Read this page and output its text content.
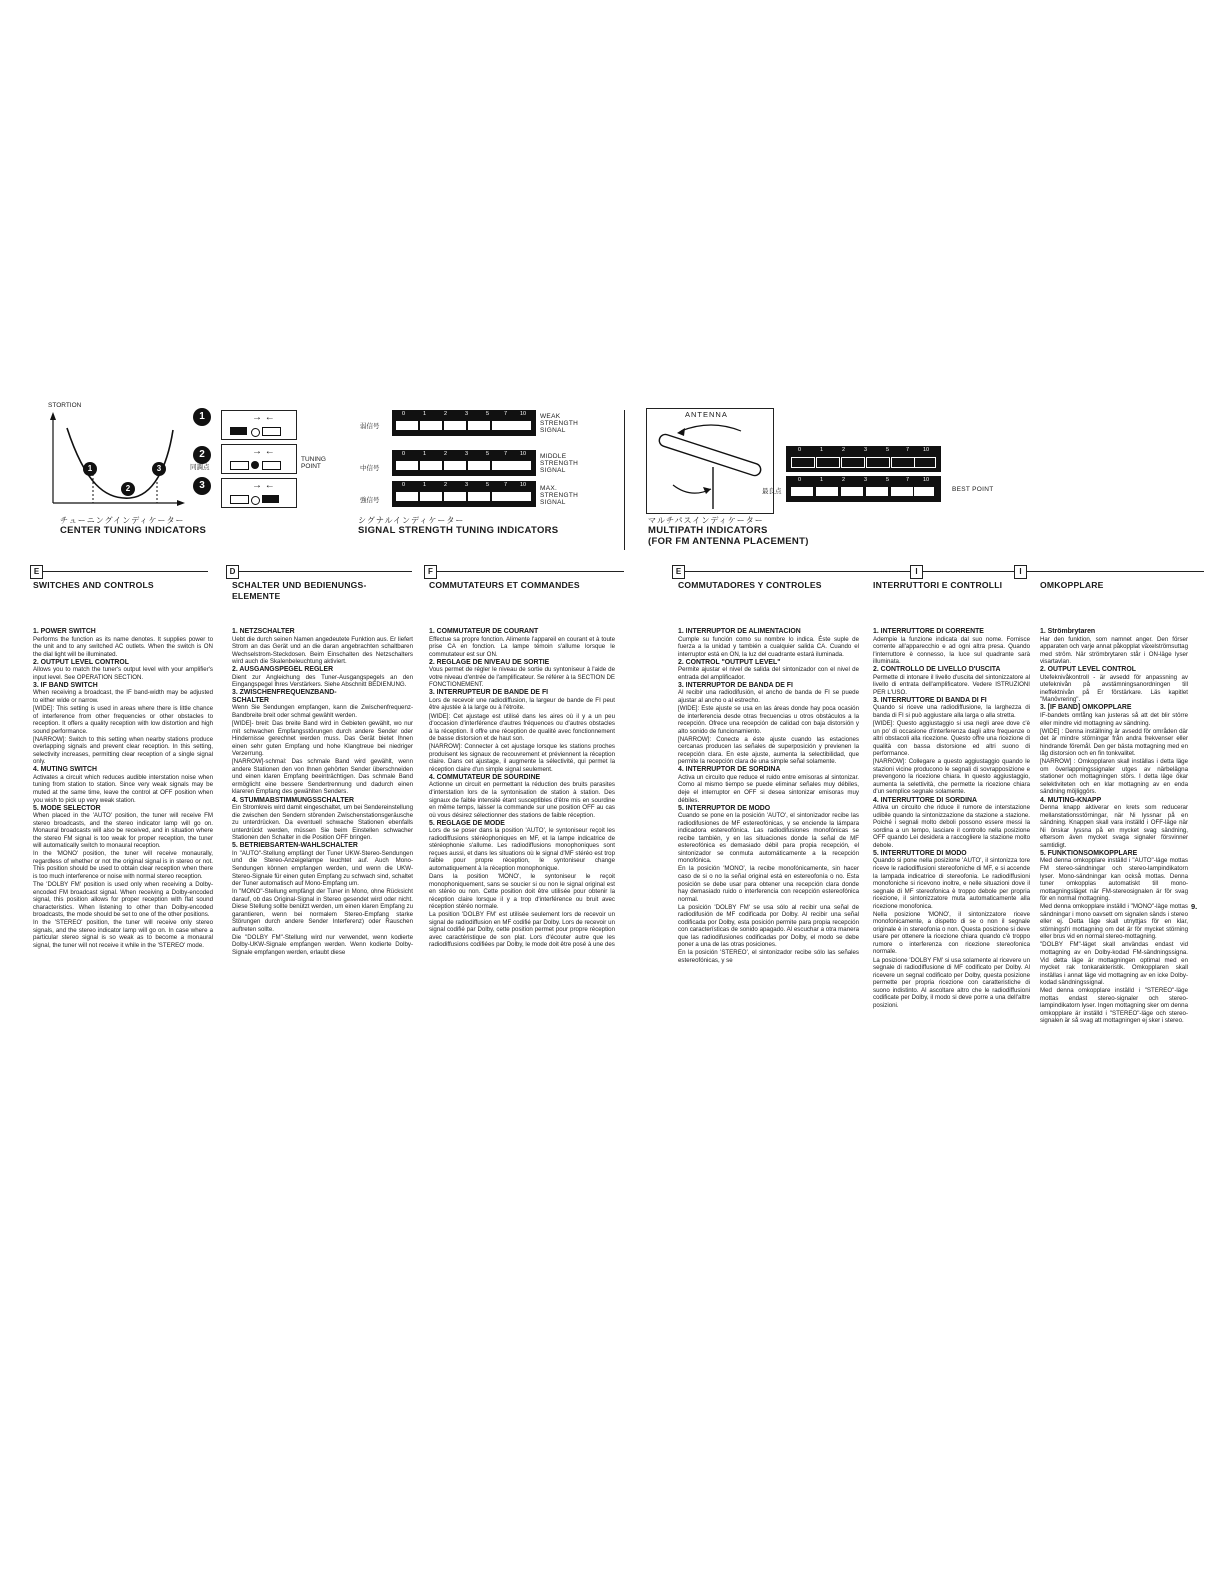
STORTION
1
2
3
1
2
3
同調点
→ ←
→ ←
TUNING
POINT
→ ←
チューニングインディケーター
CENTER TUNING INDICATORS
弱信号
0	1	2	3	5	7 10 WEAK
STRENGTH
SIGNAL
中信号
0	1	2	3	5	7 10 MIDDLE
STRENGTH
SIGNAL
強信号
0	1	2	3	5	7 10 MAX.
STRENGTH
SIGNAL
シグナルインディケーター
SIGNAL STRENGTH TUNING INDICATORS
ANTENNA
0	1	2	3	5	7	10
最良点
0	1	2	3	5	7	10
BEST POINT
マルチパスインディケーター
MULTIPATH INDICATORS
(FOR FM ANTENNA PLACEMENT)
E	D	F	E	I	I
SWITCHES AND CONTROLS	SCHALTER UND BEDIENUNGS-
ELEMENTE
COMMUTATEURS ET COMMANDES	COMMUTADORES Y CONTROLES	INTERRUTTORI E CONTROLLI	OMKOPPLARE

1. POWER SWITCH

Performs the function as its name denotes. It supplies power to the unit and to any switched AC outlets. When the switch is ON the dial light will be illuminated.

2. OUTPUT LEVEL CONTROL

Allows you to match the tuner's output level with your amplifier's input level. See OPERATION SECTION.

3. IF BAND SWITCH

When receiving a broadcast, the IF band-width may be adjusted to either wide or narrow.

[WIDE]: This setting is used in areas where there is little chance of interference from other frequencies or other obstacles to reception. It offers a quality reception with low distortion and high sound performance.

[NARROW]: Switch to this setting when nearby stations produce overlapping signals and prevent clear reception. In this setting, selectivity increases, permitting clear reception of a single signal only.

4. MUTING SWITCH

Activates a circuit which reduces audible interstation noise when tuning from station to station. Since very weak signals may be muted at the same time, leave the control at OFF position when you wish to pick up very weak station.

5. MODE SELECTOR

When placed in the 'AUTO' position, the tuner will receive FM stereo broadcasts, and the stereo indicator lamp will go on. Monaural broadcasts will also be received, and in situation where the stereo FM signal is too weak for proper reception, the tuner will automatically switch to monaural reception.

In the 'MONO' position, the tuner will receive monaurally, regardless of whether or not the original signal is in stereo or not. This position should be used to obtain clear reception when there is too much interference or noise with normal stereo reception.

The 'DOLBY FM' position is used only when receiving a Dolby-encoded FM broadcast signal. When receiving a Dolby-encoded signal, this position allows for proper reception with flat sound characteristics. When listening to other than Dolby-encoded broadcasts, the mode should be set to one of the other positions.

In the 'STEREO' position, the tuner will receive only stereo signals, and the stereo indicator lamp will go on. In case where a particular stereo signal is so weak as to become a monaural signal, the tuner will not receive it while in the 'STEREO' mode.

1. NETZSCHALTER

Uebt die durch seinen Namen angedeutete Funktion aus. Er liefert Strom an das Gerät und an die daran angebrachten schaltbaren Wechselstrom-Steckdosen. Beim Einschalten des Netzschalters wird auch die Skalenbeleuchtung aktiviert.

2. AUSGANGSPEGEL REGLER

Dient zur Angleichung des Tuner-Ausgangspegels an den Eingangspegel Ihres Verstärkers. Siehe Abschnitt BEDIENUNG.

3. ZWISCHENFREQUENZBAND-
SCHALTER

Wenn Sie Sendungen empfangen, kann die Zwischenfrequenz-Bandbreite breit oder schmal gewählt werden.

[WIDE]- breit: Das breite Band wird in Gebieten gewählt, wo nur mit schwachen Empfangsstörungen durch andere Sender oder Hindernisse gerechnet werden muss. Das Gerät bietet Ihnen einen sehr guten Empfang und hohe Klangtreue bei niedriger Verzerrung.

[NARROW]-schmal: Das schmale Band wird gewählt, wenn andere Stationen den von Ihnen gehörten Sender überschneiden und einen klaren Empfang beeinträchtigen. Das schmale Band ermöglicht eine bessere Sendertrennung und dadurch einen klareren Empfang des gewählten Senders.

4. STUMMABSTIMMUNGSSCHALTER

Ein Stromkreis wird damit eingeschaltet, um bei Sendereinstellung die zwischen den Sendern störenden Zwischenstationsgeräusche zu unterdrücken. Da eventuell schwache Stationen ebenfalls unterdrückt werden, müssen Sie beim Einstellen schwacher Stationen den Schalter in die Position OFF bringen.

5. BETRIEBSARTEN-WAHLSCHALTER

In "AUTO"-Stellung empfängt der Tuner UKW-Stereo-Sendungen und die Stereo-Anzeigelampe leuchtet auf. Auch Mono-Sendungen können empfangen werden, und wenn die UKW-Stereo-Signale für einen guten Empfang zu schwach sind, schaltet der Tuner automatisch auf Mono-Empfang um.

In "MONO"-Stellung empfängt der Tuner in Mono, ohne Rücksicht darauf, ob das Original-Signal in Stereo gesendet wird oder nicht. Diese Stellung sollte benützt werden, um einen klaren Empfang zu garantieren, wenn bei normalem Stereo-Empfang starke Störungen durch andere Sender Interferenz) oder Rauschen auftreten sollte.

Die "DOLBY FM"-Stellung wird nur verwendet, wenn kodierte Dolby-UKW-Signale empfangen werden. Wenn kodierte Dolby-Signale empfangen werden, erlaubt diese

1. COMMUTATEUR DE COURANT

Effectue sa propre fonction. Alimente l'appareil en courant et à toute prise CA en fonction. La lampe témoin s'allume lorsque le commutateur est sur ON.

2. REGLAGE DE NIVEAU DE SORTIE

Vous permet de régler le niveau de sortie du syntoniseur à l'aide de votre niveau d'entrée de l'amplificateur. Se référer à la SECTION DE FONCTIONEMENT.

3. INTERRUPTEUR DE BANDE DE FI

Lors de recevoir une radiodiffusion, la largeur de bande de FI peut être ajustée à la large ou à l'étroite.

[WIDE]: Cet ajustage est utilisé dans les aires où il y a un peu d'occasion d'interférence d'autres fréquences ou d'autres obstacles à la réception. Il offre une réception de qualité avec fonctionnement de basse distorsion et de haut son.

[NARROW]: Connecter à cet ajustage lorsque les stations proches produisent les signaux de recouvrement et préviennent la réception claire. Dans cet ajustage, il augmente la sélectivité, qui permet la réception claire d'un simple signal seulement.

4. COMMUTATEUR DE SOURDINE

Actionne un circuit en permettant la réduction des bruits parasites d'interstation lors de la syntonisation de station à station. Des signaux de faible intensité étant susceptibles d'être mis en sourdine en même temps, laisser la commande sur une position OFF au cas où vous désirez sélectionner des stations de faible réception.

5. REGLAGE DE MODE

Lors de se poser dans la position 'AUTO', le syntoniseur reçoit les radiodiffusions stéréophoniques en MF, et la lampe indicatrice de stéréophonie s'allume. Les radiodiffusions monophoniques sont reçues aussi, et dans les situations où le signal d'MF stéréo est trop faible pour propre réception, le syntoniseur change automatiquement à la réception monophonique.

Dans la position 'MONO', le syntoniseur le reçoit monophoniquement, sans se soucier si ou non le signal original est en stéréo ou non. Cette position doit être utilisée pour obtenir la réception claire lorsque il y a trop d'interférence ou bruit avec réception stéréo normale.

La position 'DOLBY FM' est utilisée seulement lors de recevoir un signal de radiodiffusion en MF codifié par Dolby. Lors de recevoir un signal codifié par Dolby, cette position permet pour propre réception avec caractéristique de son plat. Lors d'écouter autre que les radiodiffusions codifiées par Dolby, le mode doit être posé à une des

1. INTERRUPTOR DE ALIMENTACION

Cumple su función como su nombre lo indica. Éste suple de fuerza a la unidad y también a cualquier salida CA. Cuando el interruptor está en ON, la luz del cuadrante estará iluminada.

2. CONTROL "OUTPUT LEVEL"

Permite ajustar el nivel de salida del sintonizador con el nivel de entrada del amplificador.

3. INTERRUPTOR DE BANDA DE FI

Al recibir una radiodifusión, el ancho de banda de FI se puede ajustar al ancho o al estrecho.

[WIDE]: Este ajuste se usa en las áreas donde hay poca ocasión de interferencia desde otras frecuencias u otros obstáculos a la recepción. Ofrece una recepción de calidad con baja distorsión y alto sonido de funcionamiento.

[NARROW]: Conecte a éste ajuste cuando las estaciones cercanas producen las señales de superposición y previenen la recepción clara. En este ajuste, aumenta la selectibilidad, que permite la recepción clara de una simple señal solamente.

4. INTERRUPTOR DE SORDINA

Activa un circuito que reduce el ruido entre emisoras al sintonizar. Como al mismo tiempo se puede eliminar señales muy débiles, deje el interruptor en OFF si desea sintonizar emisoras muy débiles.

5. INTERRUPTOR DE MODO

Cuando se pone en la posición 'AUTO', el sintonizador recibe las radiodifusiones de MF estereofónicas, y se enciende la lámpara indicadora estereofónica. Las radiodifusiones monofónicas se recibe también, y en las situaciones donde la señal de MF estereofónica es demasiado débil para propia recepción, el sintonizador se conmuta automáticamente a la recepción monofónica.

En la posición 'MONO', la recibe monofónicamente, sin hacer caso de si o no la señal original está en estereofonía o no. Esta posición se debe usar para obtener una recepción clara donde hay demasiado ruido o interferencia con recepción estereofónica normal.

La posición 'DOLBY FM' se usa sólo al recibir una señal de radiodifusión de MF codificada por Dolby. Al recibir una señal codificada por Dolby, esta posición permite para propia recepción con características de sonido apagado. Al escuchar a otra manera que las radiodifusiones codificadas por Dolby, el modo se debe poner a una de las otras posiciones.

En la posición 'STEREO', el sintonizador recibe sólo las señales estereofónicas, y se

1. INTERRUTTORE DI CORRENTE

Adempie la funzione indicata dal suo nome. Fornisce corrente all'apparecchio e ad ogni altra presa. Quando l'interruttore è connesso, la luce sul quadrante sarà illuminata.

2. CONTROLLO DE LIVELLO D'USCITA

Permette di intonare il livello d'uscita del sintonizzatore al livello di entrata dell'amplificatore. Vedere ISTRUZIONI PER L'USO.

3. INTERRUTTORE DI BANDA DI FI

Quando si riceve una radiodiffusione, la larghezza di banda di FI si può aggiustare alla larga o alla stretta.

[WIDE]: Questo aggiustaggio si usa negli aree dove c'è un po' di occasione d'interferenza dagli altre frequenze o altri obstacoli alla ricezione. Questo offre una ricezione di qualità con bassa distorsione ed altri suono di performance.

[NARROW]: Collegare a questo aggiustaggio quando le stazioni vicine producono le segnali di sovrapposizione e prevengono la ricezione chiara. In questo aggiustaggio, aumenta la selettività, che permette la ricezione chiara d'un semplice segnale solamente.

4. INTERRUTTORE DI SORDINA

Attiva un circuito che riduce il rumore de interstazione udibile quando la sintonizzazione da stazione a stazione. Poiché i segnali molto deboli possono essere messi la sordina a un tempo, lasciare il controllo nella posizione OFF quando Lei desidera a raccogliere la stazione molto debole.

5. INTERRUTTORE DI MODO

Quando si pone nella posizione 'AUTO', il sintonizza tore riceve le radiodiffusioni stereofoniche di MF, e si accende la lampada indicatrice di stereofonia. Le radiodiffusioni monofoniche si ricevono inoltre, e nelle situazioni dove il segnale di MF stereofonica è troppo debole per propria ricezione, il sintonizzatore muta automaticamente alla ricezione monofonica.

Nella posizione 'MONO', il sintonizzatore riceve monofonicamente, a dispetto di se o non il segnale originale è in stereofonia o non. Questa posizione si deve usare per ottenere la ricezione chiara quando c'è troppo rumore o interferenza con ricezione stereofonica normale.

La posizione 'DOLBY FM' si usa solamente al ricevere un segnale di radiodiffusione di MF codificato per Dolby. Al ricevere un segnal codificato per Dolby, questa posizione permette per propria ricezione con caratteristiche di suono indistinto. Al ascoltare altro che le radiodiffusioni codificate per Dolby, il modo si deve porre a una dell'altre posizioni.

1. Strömbrytaren

Har den funktion, som namnet anger. Den förser apparaten och varje annat påkopplat växelströmsuttag med ström. När strömbrytaren står i ON-läge lyser visartavlan.

2. OUTPUT LEVEL CONTROL

Utefeknivåkontroll - är avsedd för anpassning av utefeknivån på avstämningsanordningen till ineffektnivån på Er förstärkare. Läs kapitlet "Manövrering".

3. [IF BAND] OMKOPPLARE

IF-bandets omfång kan justeras så att det blir större eller mindre vid mottagning av sändning.

[WIDE] : Denna inställning är avsedd för områden där det är mindre störningar från andra frekvenser eller hindrande föremål. Den ger bästa mottagning med en låg distorsion och en fin tonkvalitet.

[NARROW] : Omkopplaren skall inställas i detta läge om överlappningssignaler utges av närbelägna stationer och mottagningen störs. I detta läge ökar selektiviteten och en klar mottagning av en enda sändning möjliggörs.

4. MUTING-KNAPP

Denna knapp aktiverar en krets som reducerar mellanstationsstörningar, när Ni lyssnar på en sändning. Knappen skall vara inställd i OFF-läge när Ni önskar lyssna på en mycket svag sändning, eftersom även mycket svaga signaler försvinner samtidigt.

5. FUNKTIONSOMKOPPLARE

Med denna omkopplare inställd i "AUTO"-läge mottas FM stereo-sändningar och stereo-lampindikatorn lyser. Mono-sändningar kan också mottas. Denna tuner omkopplas automatiskt till mono-mottagningsläget när FM-stereosignalen är för svag för en normal mottagning.

Med denna omkopplare inställd i "MONO"-läge mottas sändningar i mono oavsett om signalen sänds i stereo eller ej. Detta läge skall utnyttjas för en klar, störningsfri mottagning om det är för mycket störning eller brus vid en normal stereo-mottagning.

"DOLBY FM"-läget skall användas endast vid mottagning av en Dolby-kodad FM-sändningssigna. Vid detta läge är mottagningen optimal med en mycket rak tonkarakteristik. Omkopplaren skall inställas i annat läge vid mottagning av en icke Dolby-kodad sändningssignal.

Med denna omkopplare inställd i "STEREO"-läge mottas endast stereo-signaler och stereo-lampindikatorn lyser. Ingen mottagning sker om denna omkopplare är inställd i "STEREO"-läge och stereo-signalen är så svag att mottagningen ej sker i stereo.

9.
